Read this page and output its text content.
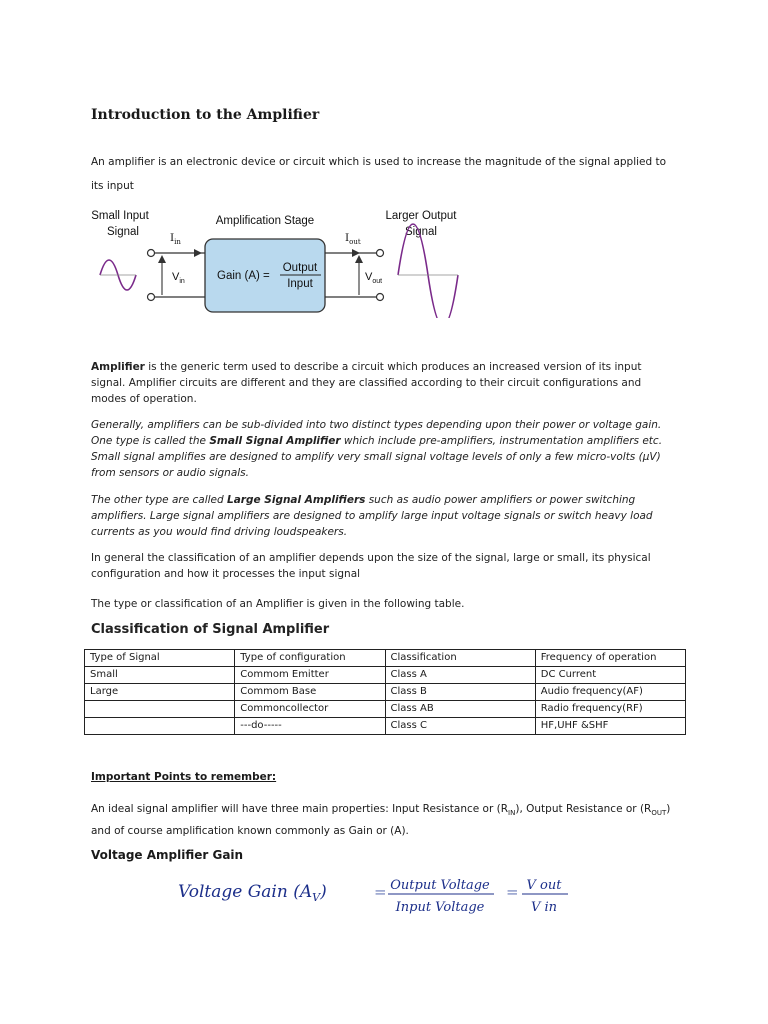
Introduction to the Amplifier
An amplifier is an electronic device or circuit which is used to increase the magnitude of the signal applied to its input
Small Input
Signal
Amplification Stage
$I_{in}$
$V_{in}$	Gain (A) =
Output
Input
$I_{out}$
$V_{out}$
Larger Output
Signal
Amplifier is the generic term used to describe a circuit which produces an increased version of its input signal. Amplifier circuits are different and they are classified according to their circuit configurations and modes of operation.
Generally, amplifiers can be sub-divided into two distinct types depending upon their power or voltage gain. One type is called the Small Signal Amplifier which include pre-amplifiers, instrumentation amplifiers etc. Small signal amplifies are designed to amplify very small signal voltage levels of only a few micro-volts (μV) from sensors or audio signals.
The other type are called Large Signal Amplifiers such as audio power amplifiers or power switching amplifiers. Large signal amplifiers are designed to amplify large input voltage signals or switch heavy load currents as you would find driving loudspeakers.
In general the classification of an amplifier depends upon the size of the signal, large or small, its physical configuration and how it processes the input signal
The type or classification of an Amplifier is given in the following table.
Classification of Signal Amplifier
Type of Signal	Type of configuration	Classification	Frequency of operation
Small	Commom Emitter	Class A	DC Current
Large	Commom Base	Class B	Audio frequency(AF)
	Commoncollector	Class AB	Radio frequency(RF)
	---do-----	Class C	HF,UHF &SHF
Important Points to remember:
An ideal signal amplifier will have three main properties: Input Resistance or $(R_{IN})$, Output Resistance or $(R_{OUT})$ and of course amplification known commonly as Gain or (A).
Voltage Amplifier Gain
Voltage Gain $(A_V)$	= Output Voltage
Input Voltage
= V out
V in
